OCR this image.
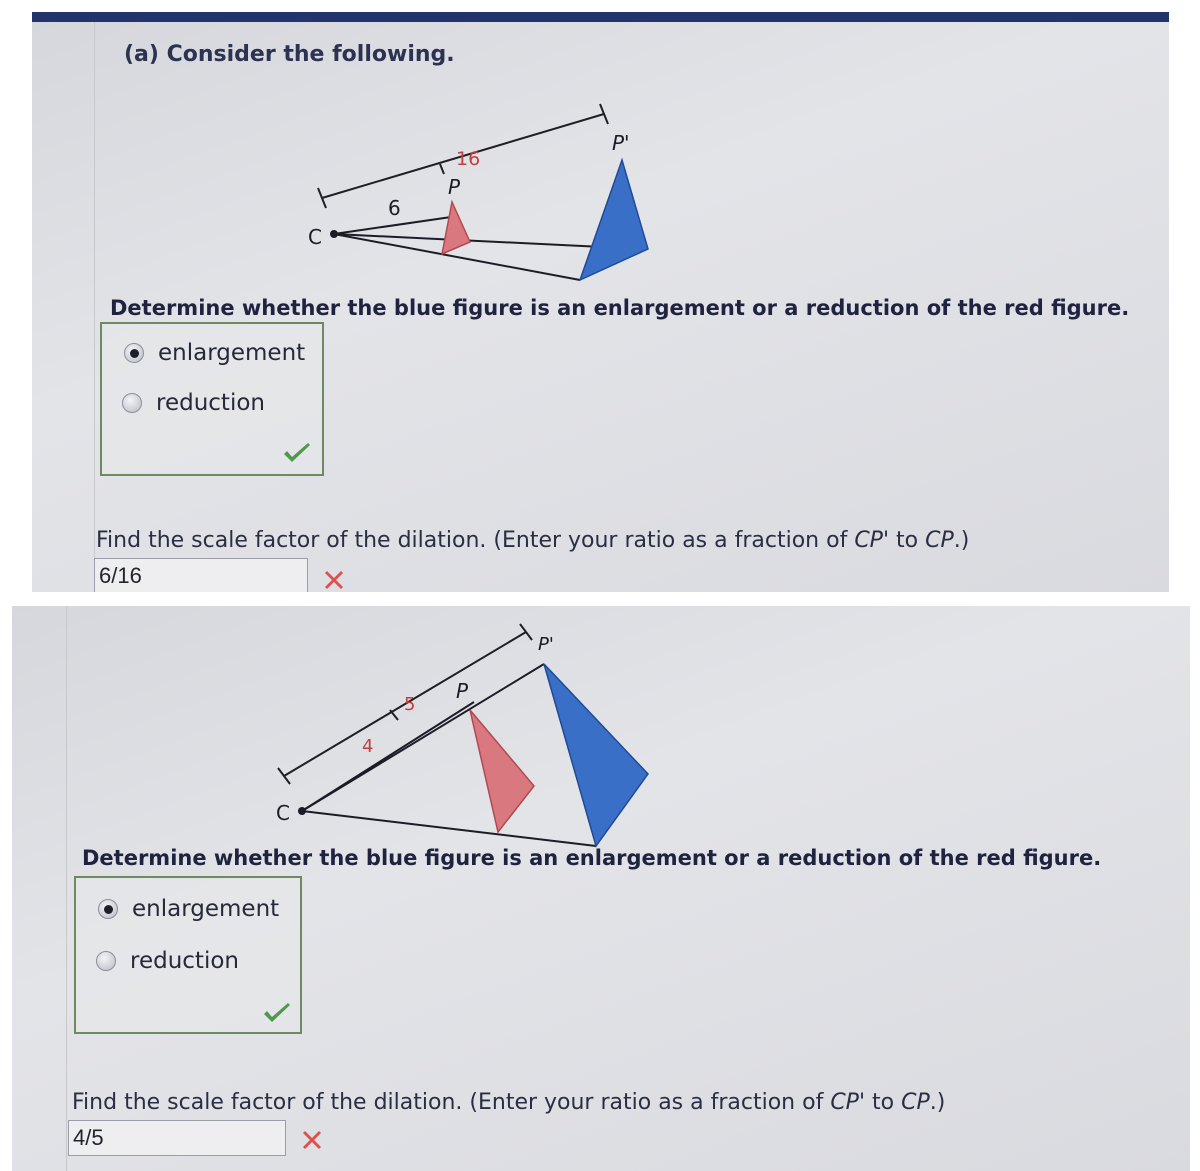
(a) Consider the following.
C
P
P'
6
16
Determine whether the blue figure is an enlargement or a reduction of the red figure.
enlargement
reduction
Find the scale factor of the dilation. (Enter your ratio as a fraction of CP' to CP.)
6/16
C
P
P'
4
5
Determine whether the blue figure is an enlargement or a reduction of the red figure.
enlargement
reduction
Find the scale factor of the dilation. (Enter your ratio as a fraction of CP' to CP.)
4/5
